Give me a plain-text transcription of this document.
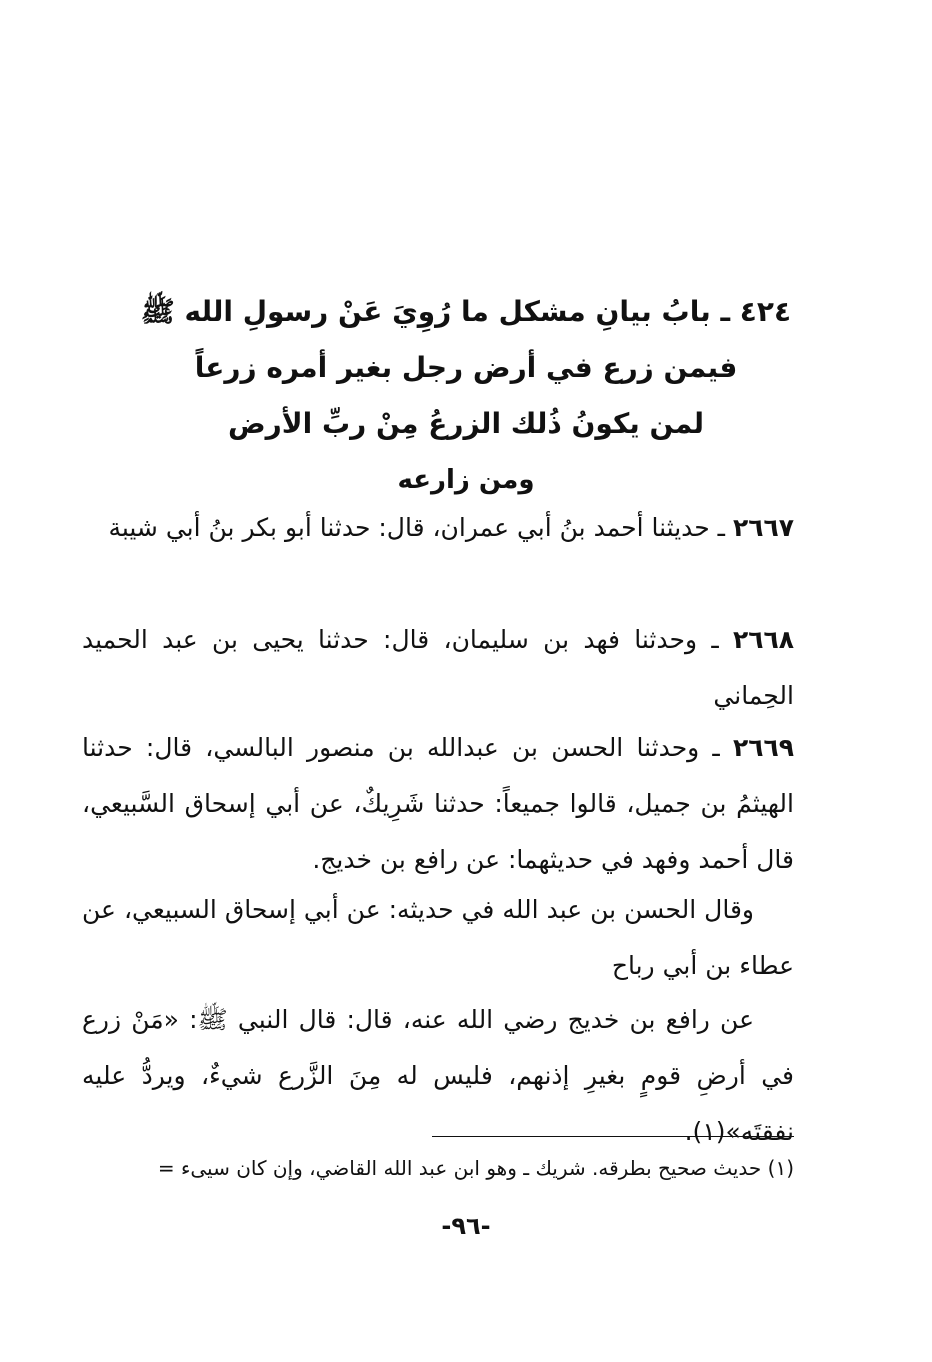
٤٢٤ ـ بابُ بيانِ مشكل ما رُوِيَ عَنْ رسولِ الله ﷺ
فيمن زرع في أرض رجل بغير أمره زرعاً
لمن يكونُ ذُلك الزرعُ مِنْ ربِّ الأرض
ومن زارعه
٢٦٦٧ ـ حديثنا أحمد بنُ أبي عمران، قال: حدثنا أبو بكر بنُ أبي شيبة
٢٦٦٨ ـ وحدثنا فهد بن سليمان، قال: حدثنا يحيى بن عبد الحميد الحِماني
٢٦٦٩ ـ وحدثنا الحسن بن عبدالله بن منصور البالسي، قال: حدثنا الهيثمُ بن جميل، قالوا جميعاً: حدثنا شَرِيكٌ، عن أبي إسحاق السَّبيعي، قال أحمد وفهد في حديثهما: عن رافع بن خديج.
وقال الحسن بن عبد الله في حديثه: عن أبي إسحاق السبيعي، عن عطاء بن أبي رباح
عن رافع بن خديج رضي الله عنه، قال: قال النبي ﷺ: «مَنْ زرع في أرضِ قومٍ بغيرِ إذنهم، فليس له مِنَ الزَّرع شيءٌ، ويردُّ عليه نفقتَه»(١).
(١) حديث صحيح بطرقه. شريك ـ وهو ابن عبد الله القاضي، وإن كان سيىء =
-٩٦-
